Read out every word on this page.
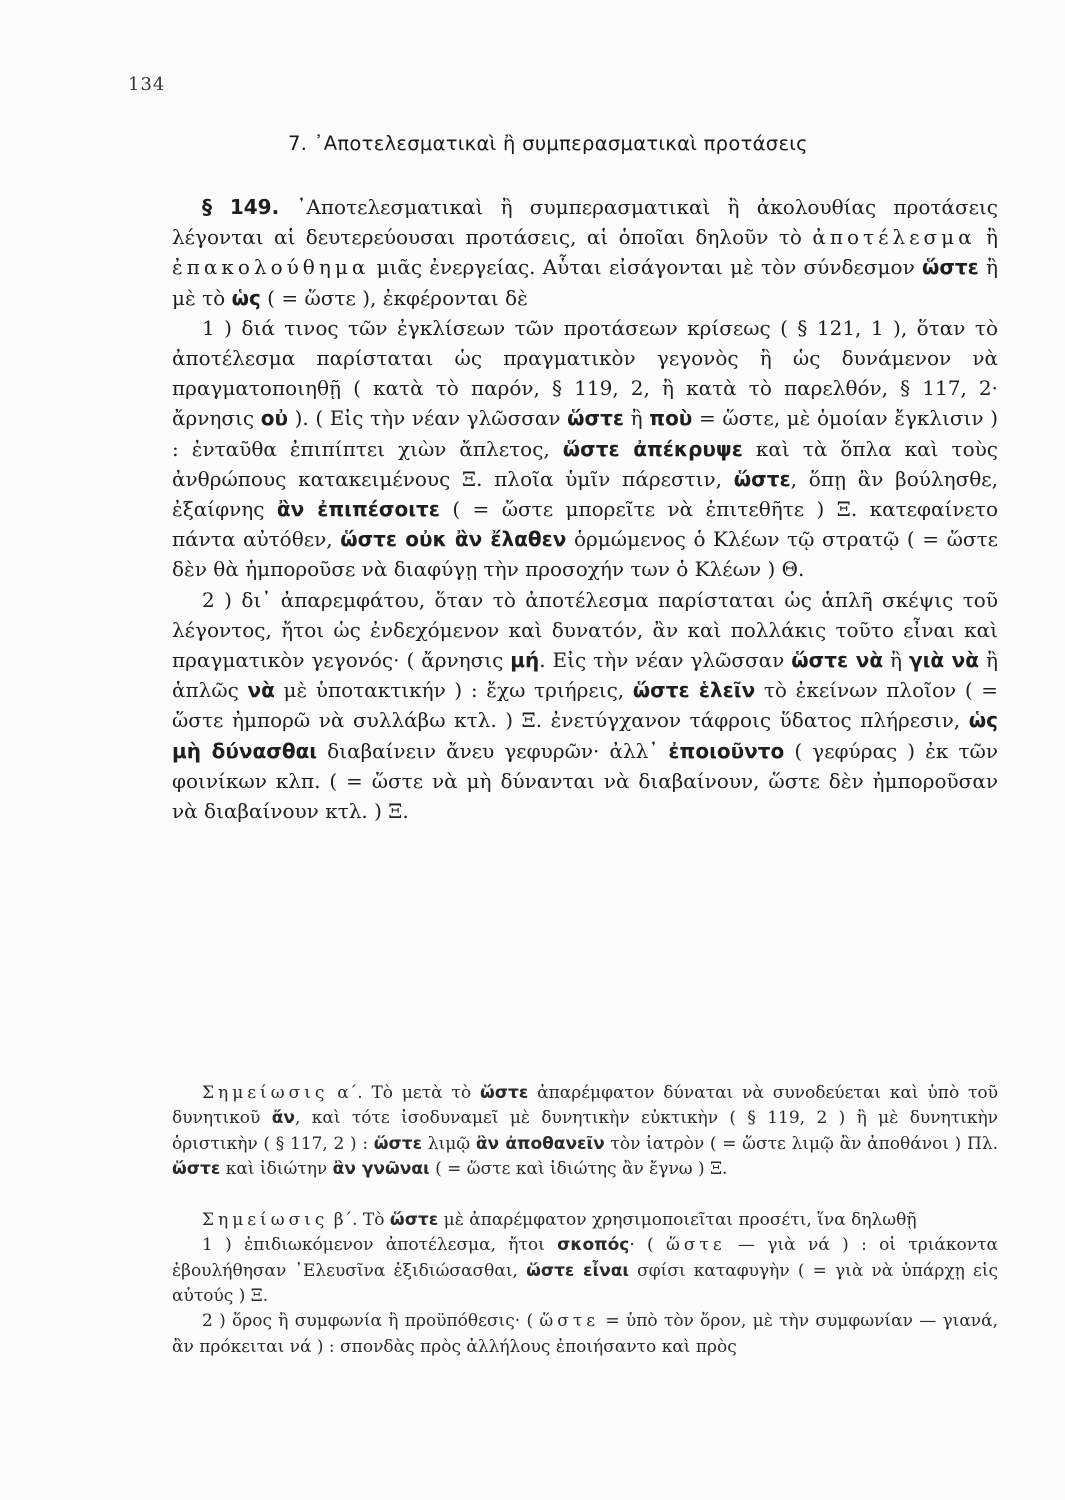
134
7. ᾿Αποτελεσματικαὶ ἢ συμπερασματικαὶ προτάσεις

§ 149. ᾿Αποτελεσματικαὶ ἢ συμπερασματικαὶ ἢ ἀκολουθίας προτάσεις λέγονται αἱ δευτερεύουσαι προτάσεις, αἱ ὁποῖαι δηλοῦν τὸ ἀποτέλεσμα ἢ ἐπακολούθημα μιᾶς ἐνεργείας. Αὗται εἰσάγονται μὲ τὸν σύνδεσμον ὥστε ἢ μὲ τὸ ὡς ( = ὥστε ), ἐκφέρονται δὲ

1 ) διά τινος τῶν ἐγκλίσεων τῶν προτάσεων κρίσεως ( § 121, 1 ), ὅταν τὸ ἀποτέλεσμα παρίσταται ὡς πραγματικὸν γεγονὸς ἢ ὡς δυνάμενον νὰ πραγματοποιηθῇ ( κατὰ τὸ παρόν, § 119, 2, ἢ κατὰ τὸ παρελθόν, § 117, 2· ἄρνησις οὐ ). ( Εἰς τὴν νέαν γλῶσσαν ὥστε ἢ ποὺ = ὥστε, μὲ ὁμοίαν ἔγκλισιν ) : ἐνταῦθα ἐπιπίπτει χιὼν ἄπλετος, ὥστε ἀπέκρυψε καὶ τὰ ὅπλα καὶ τοὺς ἀνθρώπους κατακειμένους Ξ. πλοῖα ὑμῖν πάρεστιν, ὥστε, ὅπῃ ἂν βούλησθε, ἐξαίφνης ἂν ἐπιπέσοιτε ( = ὥστε μπορεῖτε νὰ ἐπιτεθῆτε ) Ξ. κατεφαίνετο πάντα αὐτόθεν, ὥστε οὐκ ἂν ἔλαθεν ὁρμώμενος ὁ Κλέων τῷ στρατῷ ( = ὥστε δὲν θὰ ἠμποροῦσε νὰ διαφύγῃ τὴν προσοχήν των ὁ Κλέων ) Θ.

2 ) δι᾿ ἀπαρεμφάτου, ὅταν τὸ ἀποτέλεσμα παρίσταται ὡς ἁπλῆ σκέψις τοῦ λέγοντος, ἤτοι ὡς ἐνδεχόμενον καὶ δυνατόν, ἂν καὶ πολλάκις τοῦτο εἶναι καὶ πραγματικὸν γεγονός· ( ἄρνησις μή. Εἰς τὴν νέαν γλῶσσαν ὥστε νὰ ἢ γιὰ νὰ ἢ ἁπλῶς νὰ μὲ ὑποτακτικήν ) : ἔχω τριήρεις, ὥστε ἑλεῖν τὸ ἐκείνων πλοῖον ( = ὥστε ἠμπορῶ νὰ συλλάβω κτλ. ) Ξ. ἐνετύγχανον τάφροις ὕδατος πλήρεσιν, ὡς μὴ δύνασθαι διαβαίνειν ἄνευ γεφυρῶν· ἀλλ᾿ ἐποιοῦντο ( γεφύρας ) ἐκ τῶν φοινίκων κλπ. ( = ὥστε νὰ μὴ δύνανται νὰ διαβαίνουν, ὥστε δὲν ἠμποροῦσαν νὰ διαβαίνουν κτλ. ) Ξ.

Σημείωσις α΄. Τὸ μετὰ τὸ ὥστε ἀπαρέμφατον δύναται νὰ συνοδεύεται καὶ ὑπὸ τοῦ δυνητικοῦ ἄν, καὶ τότε ἰσοδυναμεῖ μὲ δυνητικὴν εὐκτικὴν ( § 119, 2 ) ἢ μὲ δυνητικὴν ὁριστικὴν ( § 117, 2 ) : ὥστε λιμῷ ἂν ἀποθανεῖν τὸν ἰατρὸν ( = ὥστε λιμῷ ἂν ἀποθάνοι ) Πλ. ὥστε καὶ ἰδιώτην ἂν γνῶναι ( = ὥστε καὶ ἰδιώτης ἂν ἔγνω ) Ξ.

Σημείωσις β΄. Τὸ ὥστε μὲ ἀπαρέμφατον χρησιμοποιεῖται προσέτι, ἵνα δηλωθῇ

1 ) ἐπιδιωκόμενον ἀποτέλεσμα, ἤτοι σκοπός· ( ὥστε — γιὰ νά ) : οἱ τριάκοντα ἐβουλήθησαν ᾿Ελευσῖνα ἐξιδιώσασθαι, ὥστε εἶναι σφίσι καταφυγὴν ( = γιὰ νὰ ὑπάρχῃ εἰς αὐτούς ) Ξ.

2 ) ὅρος ἢ συμφωνία ἢ προϋπόθεσις· ( ὥστε = ὑπὸ τὸν ὅρον, μὲ τὴν συμφωνίαν — γιανά, ἂν πρόκειται νά ) : σπονδὰς πρὸς ἀλλήλους ἐποιήσαντο καὶ πρὸς
